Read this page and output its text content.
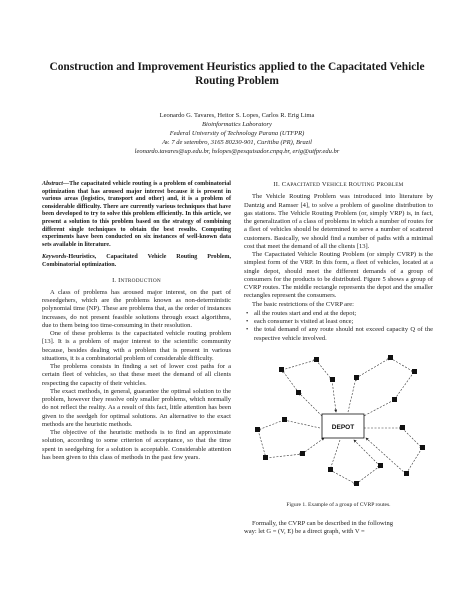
Construction and Improvement Heuristics applied to the Capacitated Vehicle
Routing Problem
Leonardo G. Tavares, Heitor S. Lopes, Carlos R. Erig Lima
Bioinformatics Laboratory
Federal University of Technology Parana (UTFPR)
Av. 7 de setembro, 3165 80230-901, Curitiba (PR), Brazil
leonardo.tavares@up.edu.br, hslopes@pesquisador.cnpq.br, erig@utfpr.edu.br

Abstract—The capacitated vehicle routing is a problem of combinatorial optimization that has aroused major interest because it is present in various areas (logistics, transport and other) and, it is a problem of considerable difficulty. There are currently various techniques that have been developed to try to solve this problem efficiently. In this article, we present a solution to this problem based on the strategy of combining different single techniques to obtain the best results. Computing experiments have been conducted on six instances of well-known data sets available in literature.

Keywords-Heuristics, Capacitated Vehicle Routing Problem, Combinatorial optimization.

I. INTRODUCTION

A class of problems has aroused major interest, on the part of reseedgehers, which are the problems known as non-deterministic polynomial time (NP). These are problems that, as the order of instances increases, do not present feasible solutions through exact algorithms, due to them being too time-consuming in their resolution.

One of these problems is the capacitated vehicle routing problem [13]. It is a problem of major interest to the scientific community because, besides dealing with a problem that is present in various situations, it is a combinatorial problem of considerable difficulty.

The problems consists in finding a set of lower cost paths for a certain fleet of vehicles, so that these meet the demand of all clients respecting the capacity of their vehicles.

The exact methods, in general, guarantee the optimal solution to the problem, however they resolve only smaller problems, which normally do not reflect the reality. As a result of this fact, little attention has been given to the seedgeh for optimal solutions. An alternative to the exact methods are the heuristic methods.

The objective of the heuristic methods is to find an approximate solution, according to some criterion of acceptance, so that the time spent in seedgehing for a solution is acceptable. Considerable attention has been given to this class of methods in the past few years.

II. CAPACITATED VEHICLE ROUTING PROBLEM

The Vehicle Routing Problem was introduced into literature by Dantzig and Ramser [4], to solve a problem of gasoline distribution to gas stations. The Vehicle Routing Problem (or, simply VRP) is, in fact, the generalization of a class of problems in which a number of routes for a fleet of vehicles should be determined to serve a number of scattered customers. Basically, we should find a number of paths with a minimal cost that meet the demand of all the clients [13].

The Capacitated Vehicle Routing Problem (or simply CVRP) is the simplest form of the VRP. In this form, a fleet of vehicles, located at a single depot, should meet the different demands of a group of consumers for the products to be distributed. Figure 5 shows a group of CVRP routes. The middle rectangle represents the depot and the smaller rectangles represent the consumers.

The basic restrictions of the CVRP are:

• all the routes start and end at the depot;
• each consumer is visited at least once;
• the total demand of any route should not exceed capacity Q of the respective vehicle involved.
DEPOT
Figure 1. Example of a group of CVRP routes.

Formally, the CVRP can be described in the following

way: let G = (V, E) be a direct graph, with V =
